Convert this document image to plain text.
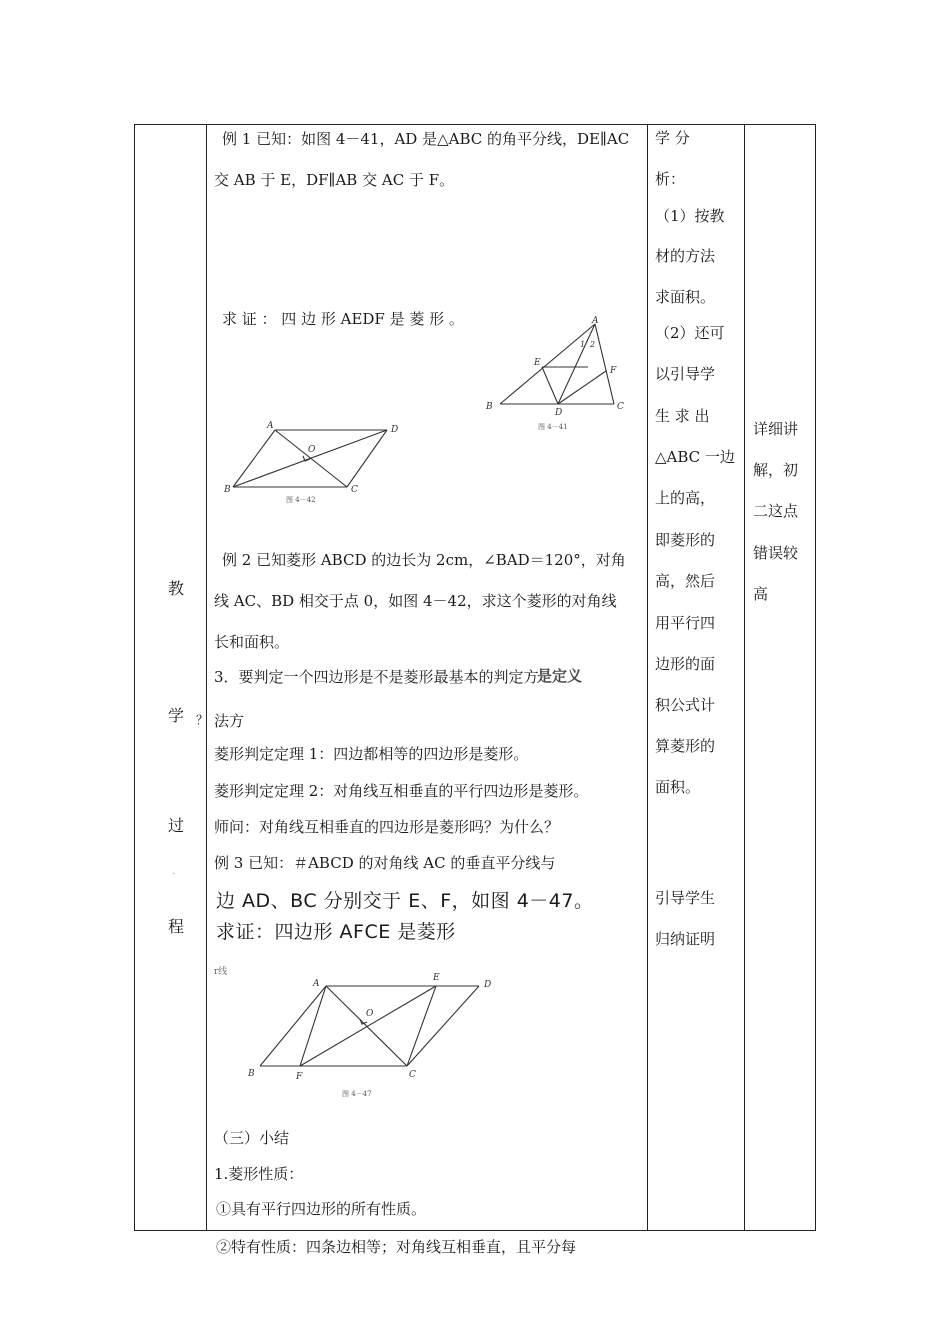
教
学
过
程
？
.
例 1 已知：如图 4－41，AD 是△ABC 的角平分线，DE∥AC
交 AB 于 E，DF∥AB 交 AC 于 F。
求 证 ： 四 边 形 AEDF 是 菱 形 。	A
B	C
D
E
F
1 2
图 4－41
A
B	C
D
O
图 4－42
例 2 已知菱形 ABCD 的边长为 2cm，∠BAD＝120°，对角
线 AC、BD 相交于点 0，如图 4－42，求这个菱形的对角线
长和面积。
3．要判定一个四边形是不是菱形最基本的判定方
是定义
法方
菱形判定定理 1：四边都相等的四边形是菱形。
菱形判定定理 2：对角线互相垂直的平行四边形是菱形。
师问：对角线互相垂直的四边形是菱形吗？为什么？
例 3 已知：＃ABCD 的对角线 AC 的垂直平分线与
边 AD、BC 分别交于 E、F，如图 4－47。
求证：四边形 AFCE 是菱形
r线
A
B	C
D
E
F
O
图 4－47
（三）小结
1.菱形性质：
①具有平行四边形的所有性质。
②特有性质：四条边相等；对角线互相垂直，且平分每
学 分
析：
（1）按教
材的方法
求面积。
（2）还可
以引导学
生 求 出
△ABC 一边
上的高，
即菱形的
高，然后
用平行四
边形的面
积公式计
算菱形的
面积。
引导学生
归纳证明
详细讲
解，初
二这点
错误较
高
